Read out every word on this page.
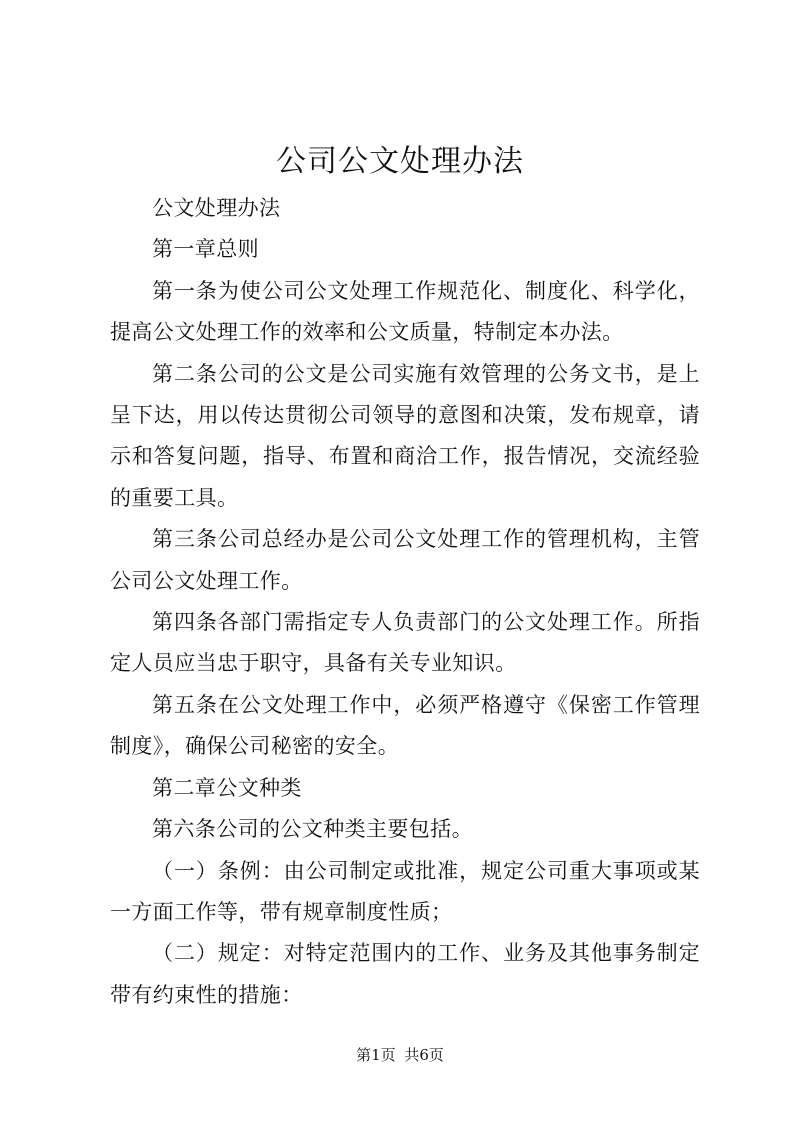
公司公文处理办法

公文处理办法

第一章总则

第一条为使公司公文处理工作规范化、制度化、科学化，提高公文处理工作的效率和公文质量，特制定本办法。

第二条公司的公文是公司实施有效管理的公务文书，是上呈下达，用以传达贯彻公司领导的意图和决策，发布规章，请示和答复问题，指导、布置和商洽工作，报告情况，交流经验的重要工具。

第三条公司总经办是公司公文处理工作的管理机构，主管公司公文处理工作。

第四条各部门需指定专人负责部门的公文处理工作。所指定人员应当忠于职守，具备有关专业知识。

第五条在公文处理工作中，必须严格遵守《保密工作管理制度》，确保公司秘密的安全。

第二章公文种类

第六条公司的公文种类主要包括。

（一）条例：由公司制定或批准，规定公司重大事项或某一方面工作等，带有规章制度性质；

（二）规定：对特定范围内的工作、业务及其他事务制定带有约束性的措施：

第1页 共6页
